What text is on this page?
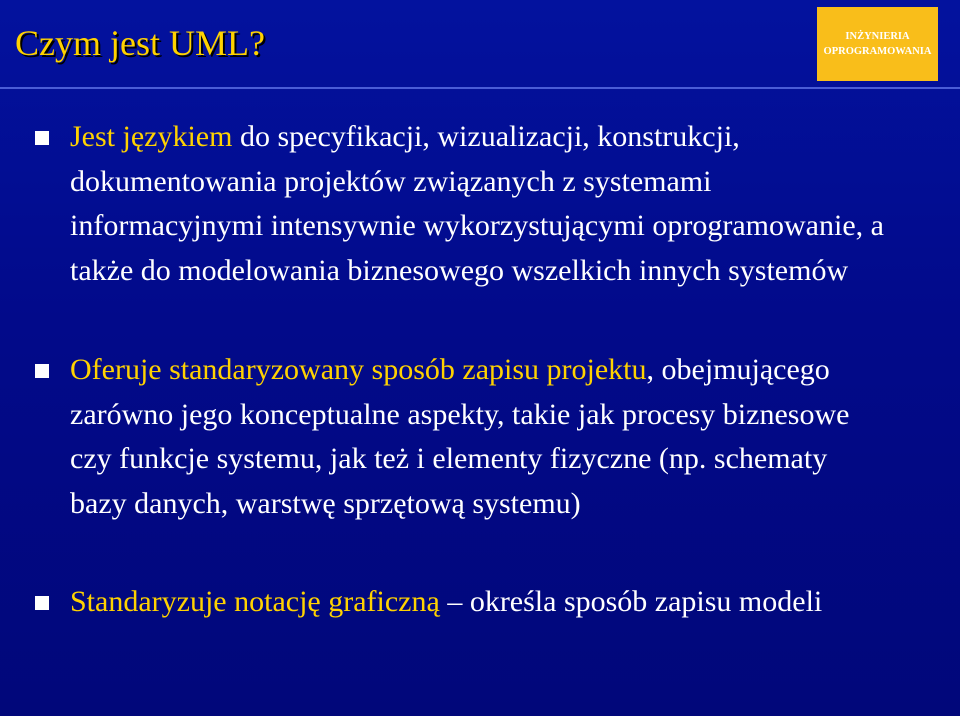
Czym jest UML?	INŻYNIERIA
OPROGRAMOWANIA
Jest językiem do specyfikacji, wizualizacji, konstrukcji, dokumentowania projektów związanych z systemami informacyjnymi intensywnie wykorzystującymi oprogramowanie, a także do modelowania biznesowego wszelkich innych systemów
Oferuje standaryzowany sposób zapisu projektu, obejmującego zarówno jego konceptualne aspekty, takie jak procesy biznesowe czy funkcje systemu, jak też i elementy fizyczne (np. schematy bazy danych, warstwę sprzętową systemu)
Standaryzuje notację graficzną – określa sposób zapisu modeli
